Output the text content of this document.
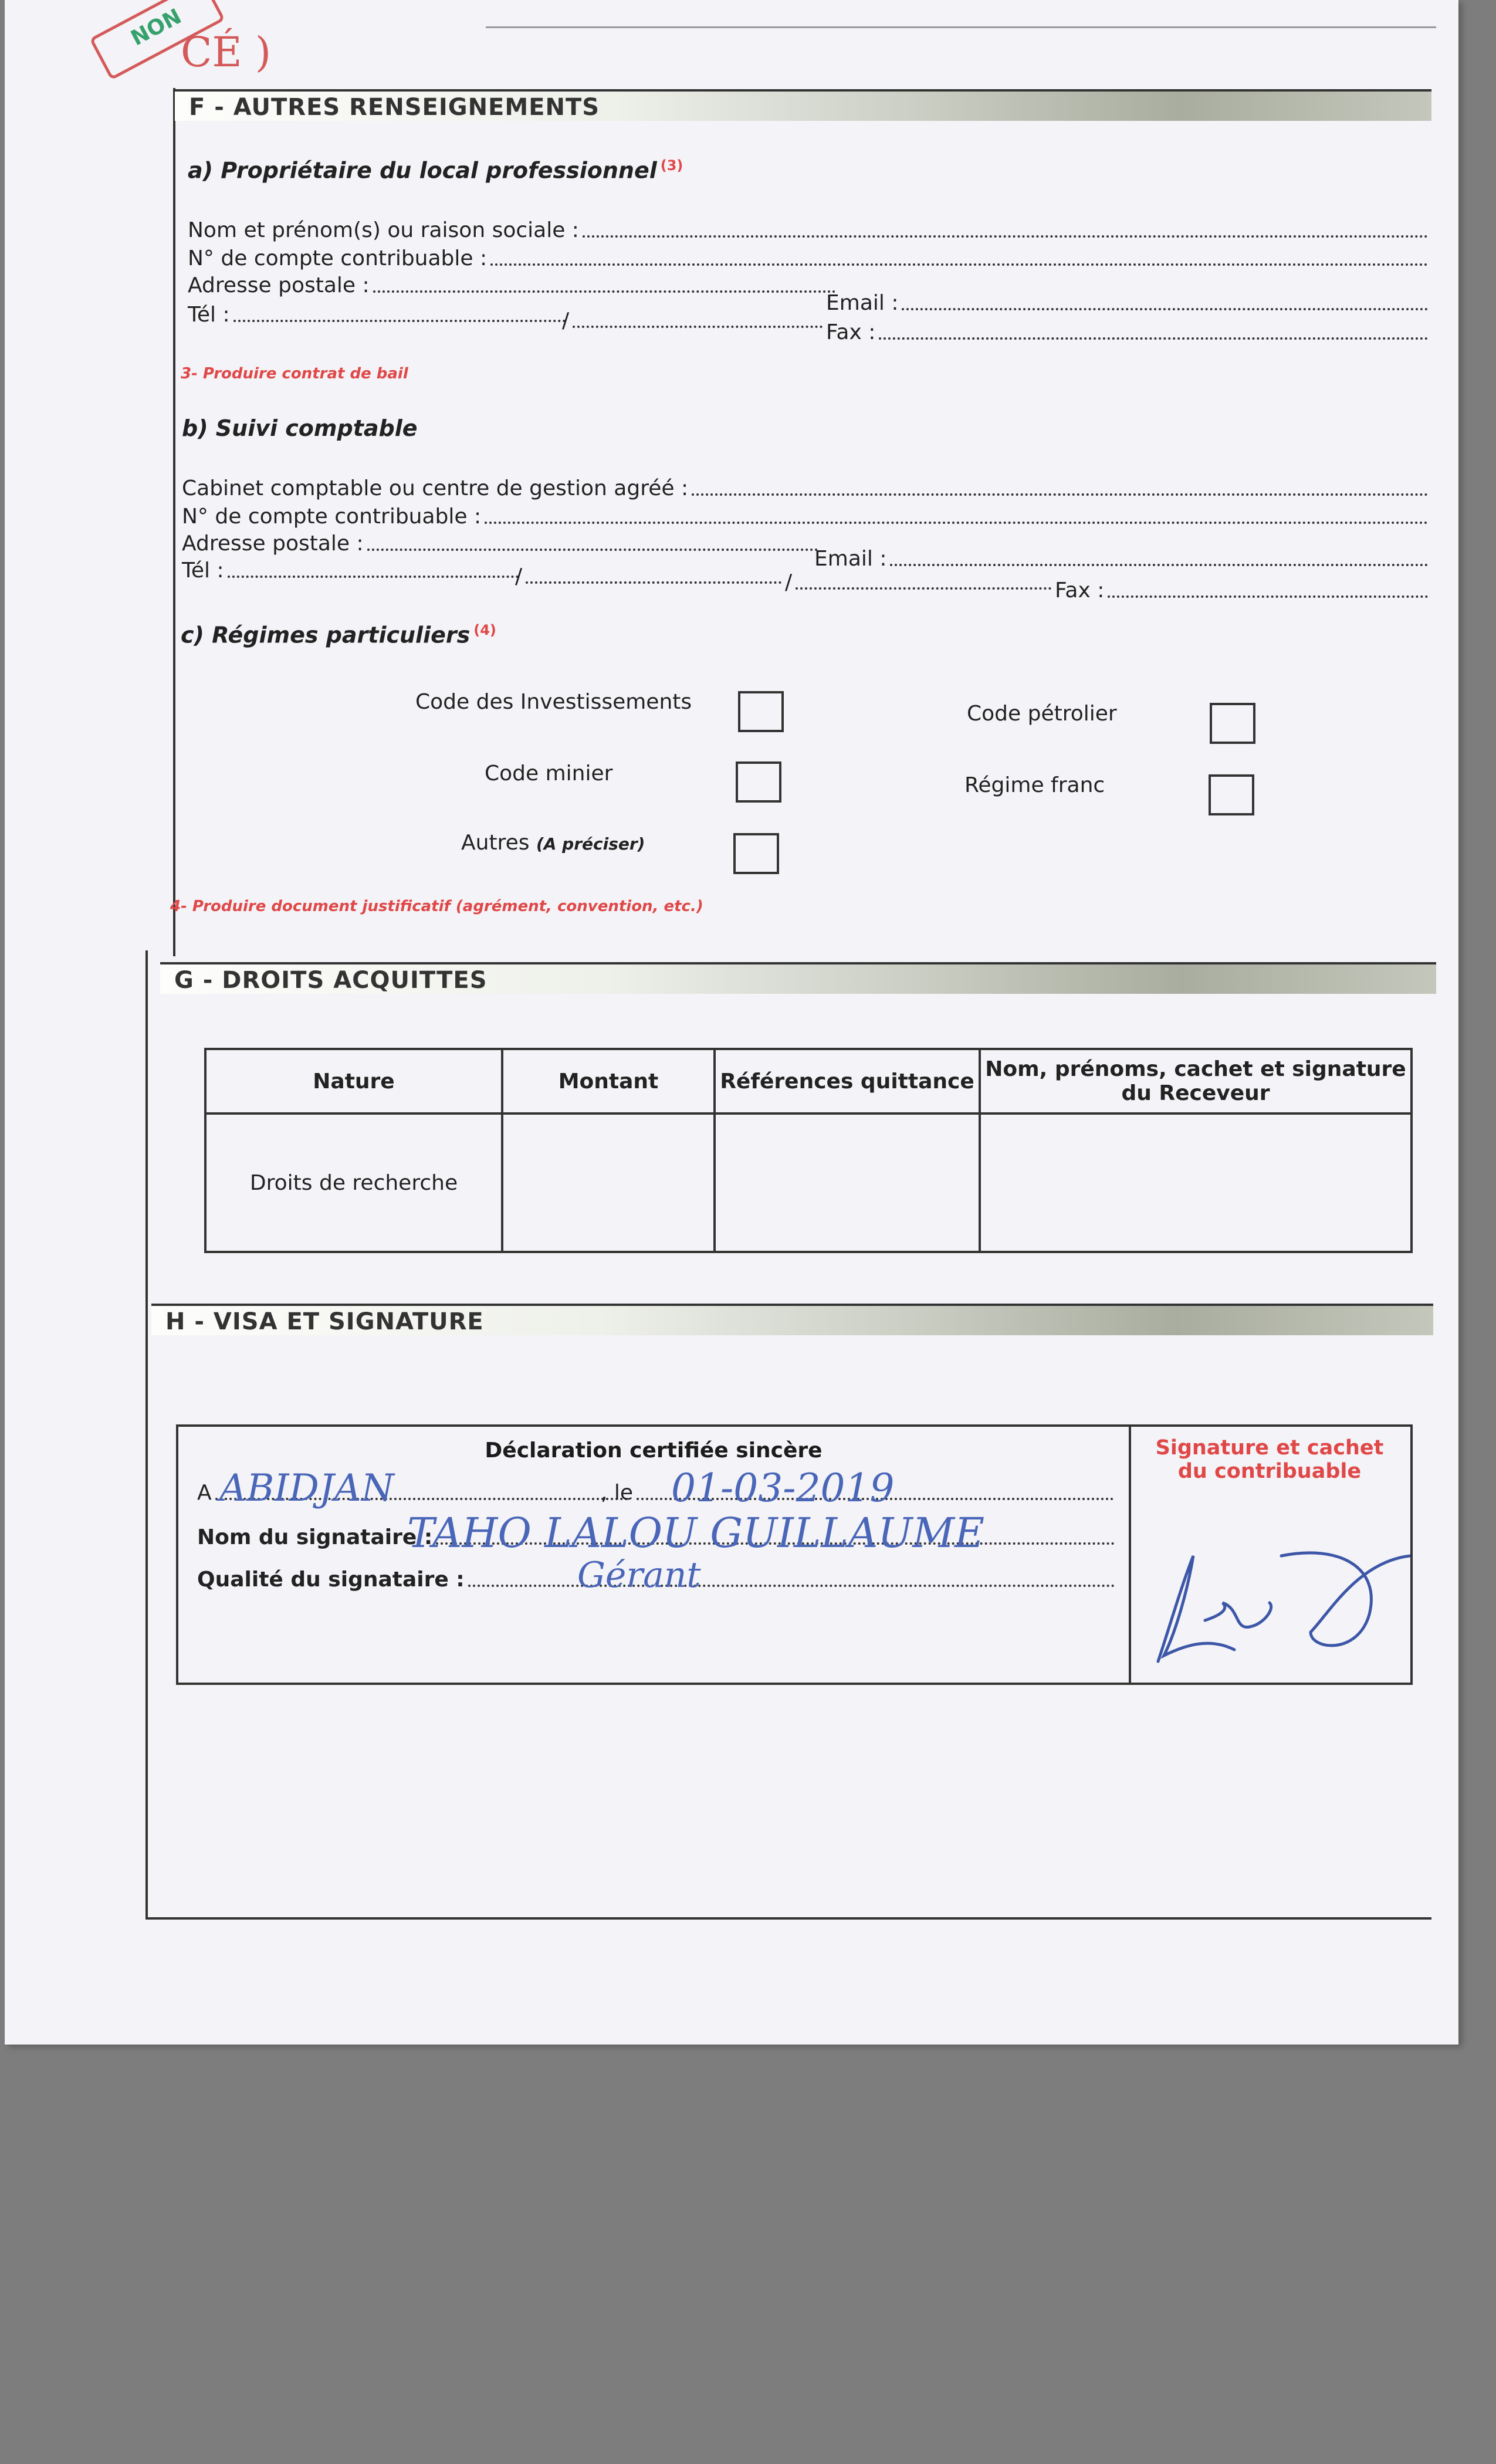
NON
CÉ )
F - AUTRES RENSEIGNEMENTS
a) Propriétaire du local professionnel $^{(3)}$
Nom et prénom(s) ou raison sociale :
N° de compte contribuable :
Adresse postale :
Email :
Tél :	/	Fax :
3- Produire contrat de bail
b) Suivi comptable
Cabinet comptable ou centre de gestion agréé :
N° de compte contribuable :
Adresse postale :
Email :
Tél :	/	/	Fax :
c) Régimes particuliers $^{(4)}$
Code des Investissements
Code minier
Autres (A préciser)
Code pétrolier
Régime franc
4- Produire document justificatif (agrément, convention, etc.)
G - DROITS ACQUITTES
Nature	Montant	Références quittance	Nom, prénoms, cachet et signature du Receveur
Droits de recherche			
H - VISA ET SIGNATURE
Déclaration certifiée sincère
A ABIDJAN	, le 01-03-2019
Nom du signataire :
TAHO LALOU GUILLAUME
Qualité du signataire :	Gérant
Signature et cachet du contribuable
